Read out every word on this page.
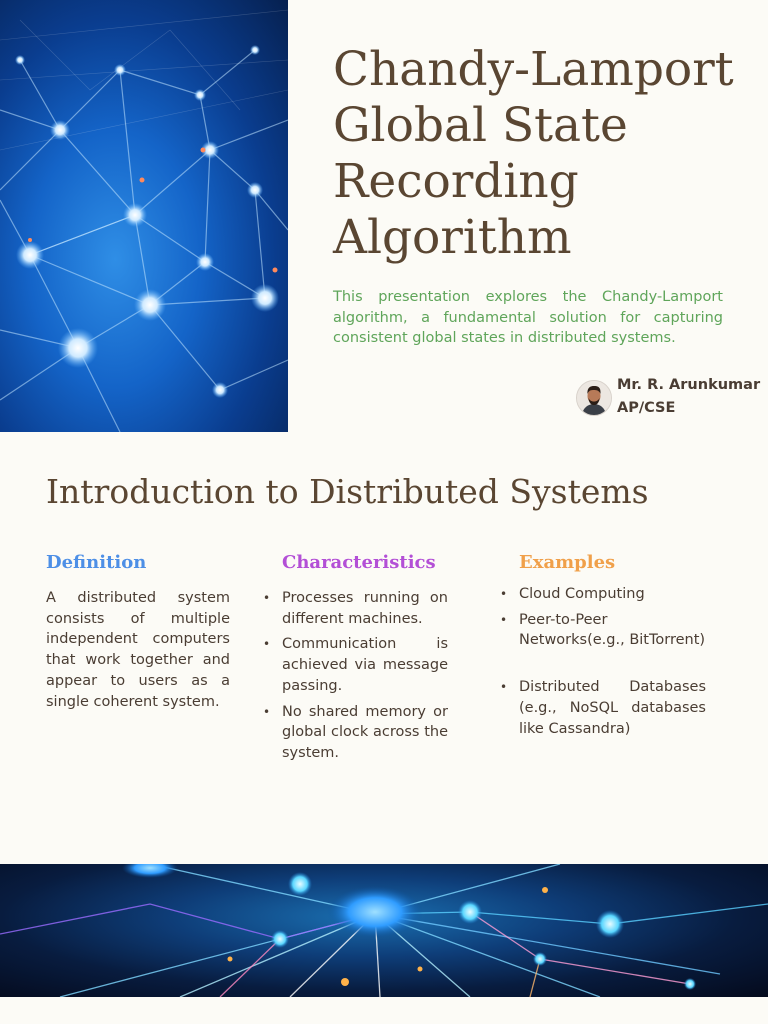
Chandy-Lamport Global State Recording Algorithm

This presentation explores the Chandy-Lamport algorithm, a fundamental solution for capturing consistent global states in distributed systems.

Mr. R. Arunkumar
AP/CSE
Introduction to Distributed Systems
Definition

A distributed system consists of multiple independent computers that work together and appear to users as a single coherent system.

Characteristics
• Processes running on different machines.
• Communication is achieved via message passing.
• No shared memory or global clock across the system.
Examples
• Cloud Computing
• Peer-to-Peer Networks(e.g., BitTorrent)
• Distributed Databases (e.g., NoSQL databases like Cassandra)
